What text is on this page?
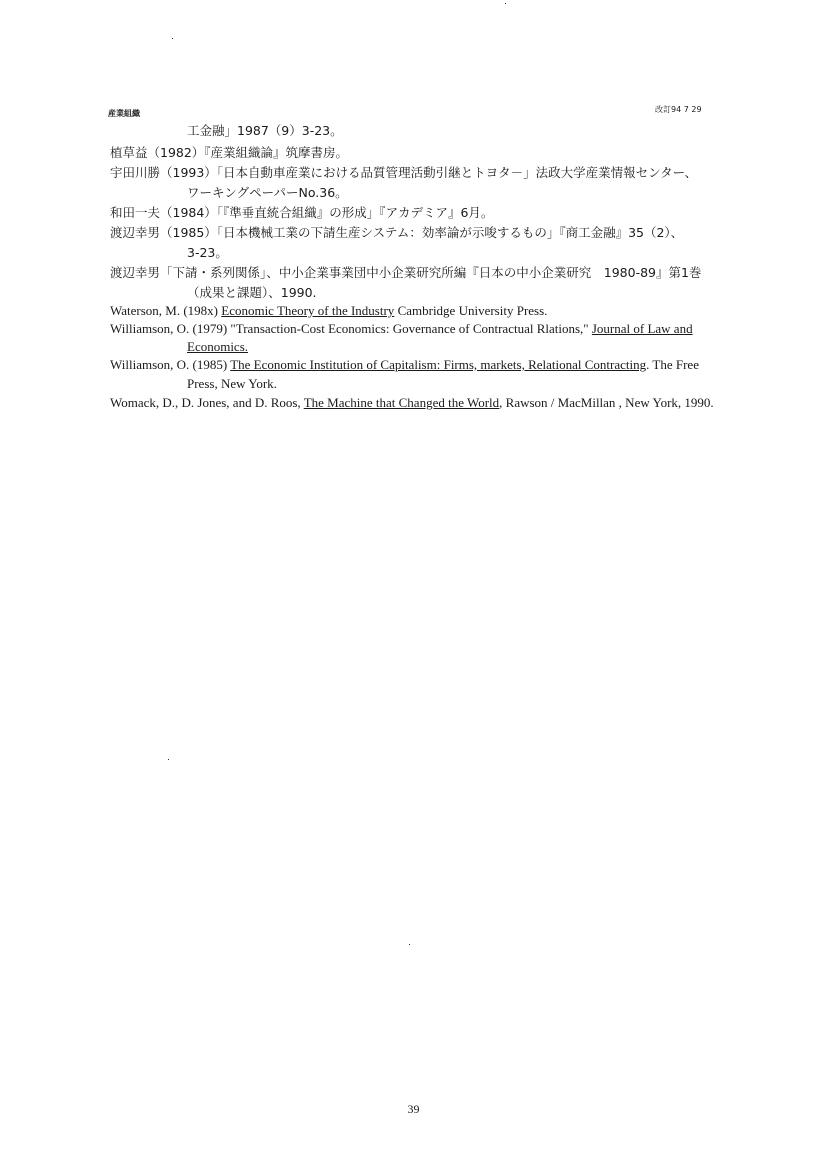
産業組織	改訂94 7 29
工金融」1987（9）3-23。
植草益（1982）『産業組織論』筑摩書房。
宇田川勝（1993）「日本自動車産業における品質管理活動引継とトヨタ－」法政大学産業情報センター、
ワーキングペーパーNo.36。
和田一夫（1984）「『準垂直統合組織』の形成」『アカデミア』6月。
渡辺幸男（1985）「日本機械工業の下請生産システム：効率論が示唆するもの」『商工金融』35（2）、
3-23。
渡辺幸男「下請・系列関係」、中小企業事業団中小企業研究所編『日本の中小企業研究　1980-89』第1巻
（成果と課題）、1990.
Waterson, M. (198x) Economic Theory of the Industry Cambridge University Press.
Williamson, O. (1979) "Transaction-Cost Economics: Governance of Contractual Rlations," Journal of Law and
Economics.
Williamson, O. (1985) The Economic Institution of Capitalism: Firms, markets, Relational Contracting. The Free
Press, New York.
Womack, D., D. Jones, and D. Roos, The Machine that Changed the World, Rawson / MacMillan , New York, 1990.
39
